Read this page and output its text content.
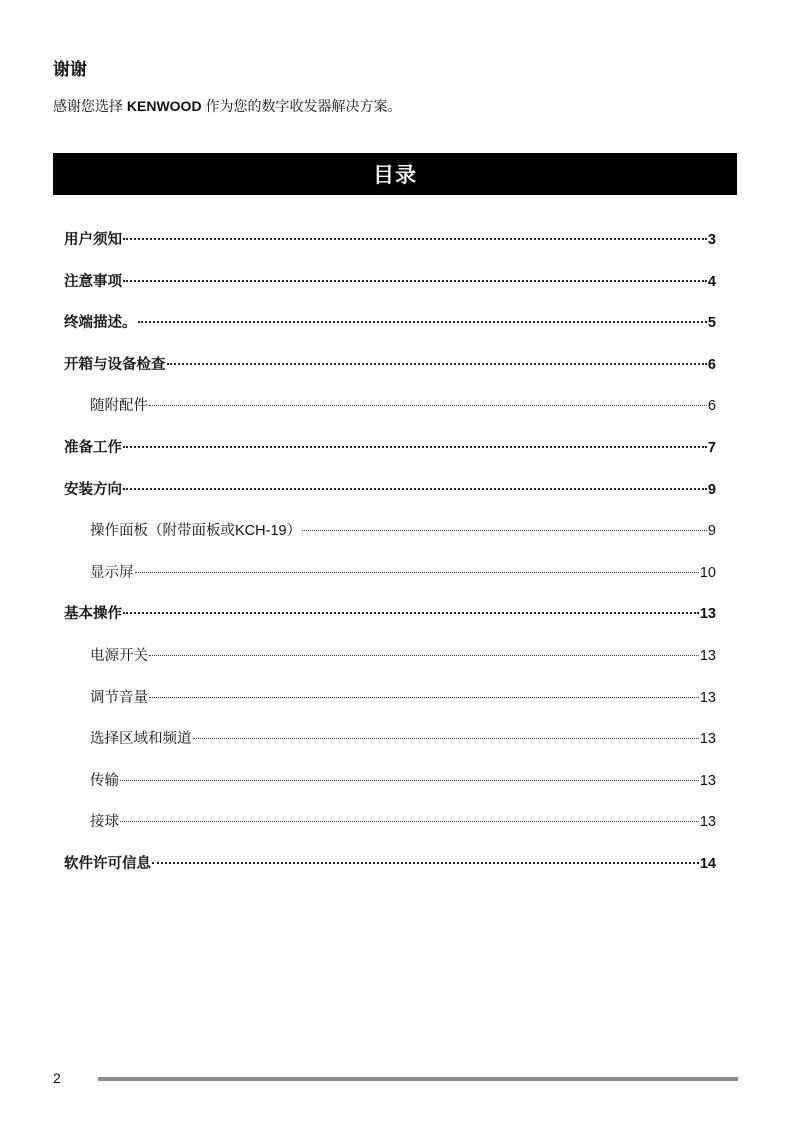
谢谢
感谢您选择 KENWOOD 作为您的数字收发器解决方案。
目录
用户须知	3
注意事项	4
终端描述。	5
开箱与设备检查	6
随附配件	6
准备工作	7
安装方向	9
操作面板（附带面板或KCH-19）	9
显示屏	10
基本操作	13
电源开关	13
调节音量	13
选择区域和频道	13
传输	13
接球	13
软件许可信息	14
2
